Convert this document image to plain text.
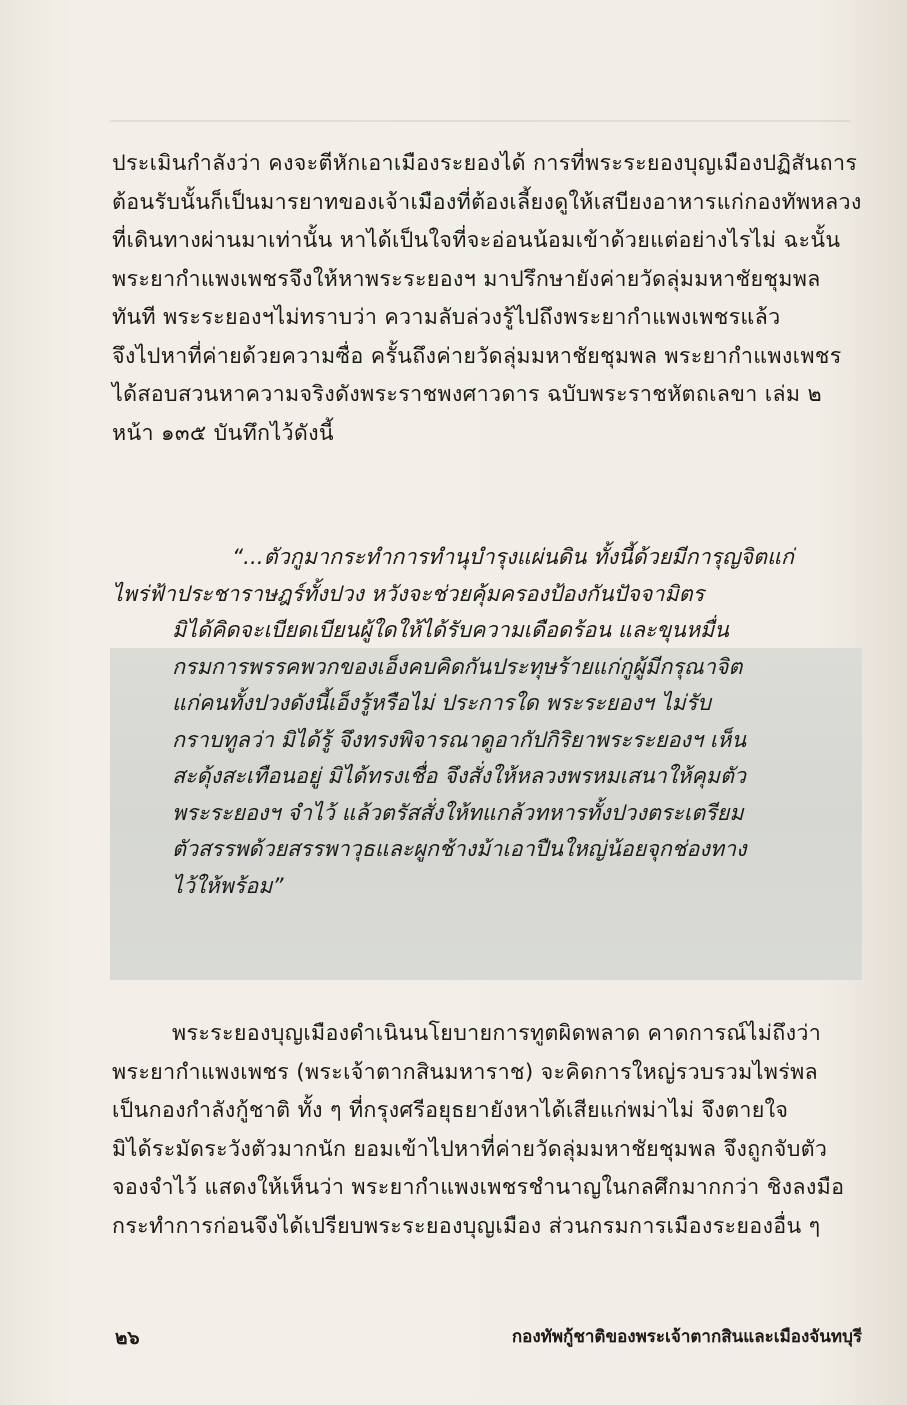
ประเมินกำลังว่า คงจะตีหักเอาเมืองระยองได้ การที่พระระยองบุญเมืองปฏิสันถาร
ต้อนรับนั้นก็เป็นมารยาทของเจ้าเมืองที่ต้องเลี้ยงดูให้เสบียงอาหารแก่กองทัพหลวง
ที่เดินทางผ่านมาเท่านั้น หาได้เป็นใจที่จะอ่อนน้อมเข้าด้วยแต่อย่างไรไม่ ฉะนั้น
พระยากำแพงเพชรจึงให้หาพระระยองฯ มาปรึกษายังค่ายวัดลุ่มมหาชัยชุมพล
ทันที พระระยองฯไม่ทราบว่า ความลับล่วงรู้ไปถึงพระยากำแพงเพชรแล้ว
จึงไปหาที่ค่ายด้วยความซื่อ ครั้นถึงค่ายวัดลุ่มมหาชัยชุมพล พระยากำแพงเพชร
ได้สอบสวนหาความจริงดังพระราชพงศาวดาร ฉบับพระราชหัตถเลขา เล่ม ๒
หน้า ๑๓๕ บันทึกไว้ดังนี้
“...ตัวกูมากระทำการทำนุบำรุงแผ่นดิน ทั้งนี้ด้วยมีการุญจิตแก่
ไพร่ฟ้าประชาราษฎร์ทั้งปวง หวังจะช่วยคุ้มครองป้องกันปัจจามิตร
มิได้คิดจะเบียดเบียนผู้ใดให้ได้รับความเดือดร้อน และขุนหมื่น
กรมการพรรคพวกของเอ็งคบคิดกันประทุษร้ายแก่กูผู้มีกรุณาจิต
แก่คนทั้งปวงดังนี้เอ็งรู้หรือไม่ ประการใด พระระยองฯ ไม่รับ
กราบทูลว่า มิได้รู้ จึงทรงพิจารณาดูอากัปกิริยาพระระยองฯ เห็น
สะดุ้งสะเทือนอยู่ มิได้ทรงเชื่อ จึงสั่งให้หลวงพรหมเสนาให้คุมตัว
พระระยองฯ จำไว้ แล้วตรัสสั่งให้ทแกล้วทหารทั้งปวงตระเตรียม
ตัวสรรพด้วยสรรพาวุธและผูกช้างม้าเอาปืนใหญ่น้อยจุกช่องทาง
ไว้ให้พร้อม”
พระระยองบุญเมืองดำเนินนโยบายการทูตผิดพลาด คาดการณ์ไม่ถึงว่า
พระยากำแพงเพชร (พระเจ้าตากสินมหาราช) จะคิดการใหญ่รวบรวมไพร่พล
เป็นกองกำลังกู้ชาติ ทั้ง ๆ ที่กรุงศรีอยุธยายังหาได้เสียแก่พม่าไม่ จึงตายใจ
มิได้ระมัดระวังตัวมากนัก ยอมเข้าไปหาที่ค่ายวัดลุ่มมหาชัยชุมพล จึงถูกจับตัว
จองจำไว้ แสดงให้เห็นว่า พระยากำแพงเพชรชำนาญในกลศึกมากกว่า ชิงลงมือ
กระทำการก่อนจึงได้เปรียบพระระยองบุญเมือง ส่วนกรมการเมืองระยองอื่น ๆ
๒๖	กองทัพกู้ชาติของพระเจ้าตากสินและเมืองจันทบุรี
